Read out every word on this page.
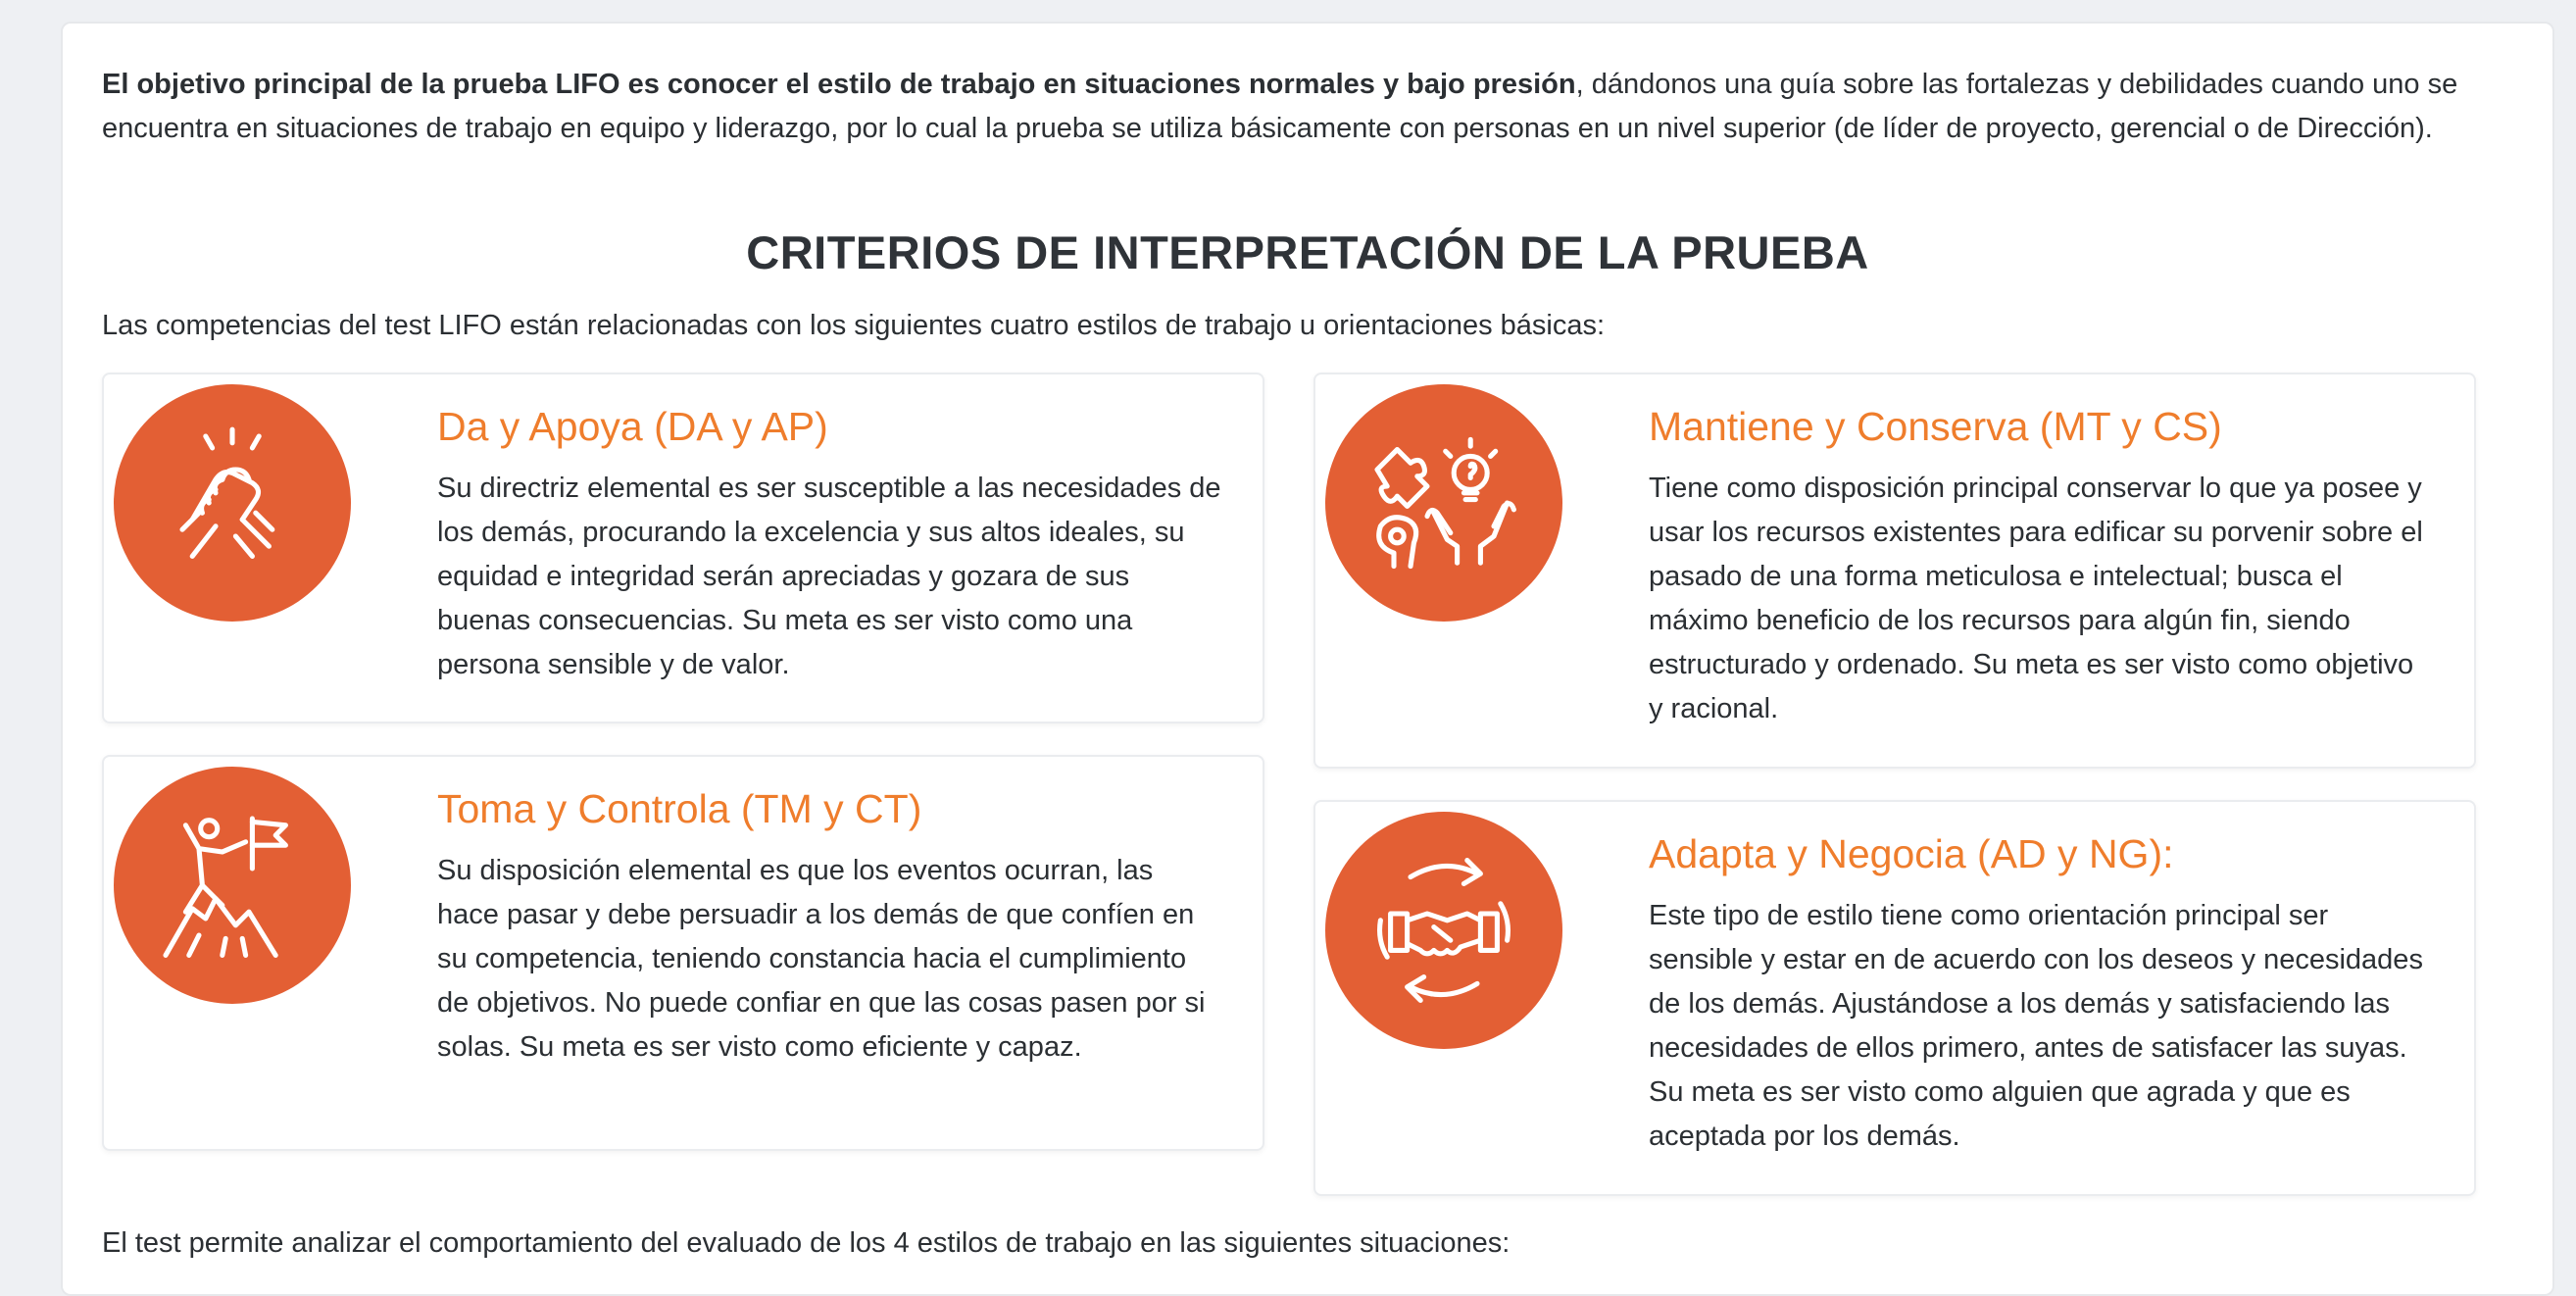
El objetivo principal de la prueba LIFO es conocer el estilo de trabajo en situaciones normales y bajo presión, dándonos una guía sobre las fortalezas y debilidades cuando uno se encuentra en situaciones de trabajo en equipo y liderazgo, por lo cual la prueba se utiliza básicamente con personas en un nivel superior (de líder de proyecto, gerencial o de Dirección).

CRITERIOS DE INTERPRETACIÓN DE LA PRUEBA

Las competencias del test LIFO están relacionadas con los siguientes cuatro estilos de trabajo u orientaciones básicas:

Da y Apoya (DA y AP)

Su directriz elemental es ser susceptible a las necesidades de los demás, procurando la excelencia y sus altos ideales, su equidad e integridad serán apreciadas y gozara de sus buenas consecuencias. Su meta es ser visto como una persona sensible y de valor.

Mantiene y Conserva (MT y CS)

Tiene como disposición principal conservar lo que ya posee y usar los recursos existentes para edificar su porvenir sobre el pasado de una forma meticulosa e intelectual; busca el máximo beneficio de los recursos para algún fin, siendo estructurado y ordenado. Su meta es ser visto como objetivo y racional.

Toma y Controla (TM y CT)

Su disposición elemental es que los eventos ocurran, las hace pasar y debe persuadir a los demás de que confíen en su competencia, teniendo constancia hacia el cumplimiento de objetivos. No puede confiar en que las cosas pasen por si solas. Su meta es ser visto como eficiente y capaz.

Adapta y Negocia (AD y NG):

Este tipo de estilo tiene como orientación principal ser sensible y estar en de acuerdo con los deseos y necesidades de los demás. Ajustándose a los demás y satisfaciendo las necesidades de ellos primero, antes de satisfacer las suyas. Su meta es ser visto como alguien que agrada y que es aceptada por los demás.

El test permite analizar el comportamiento del evaluado de los 4 estilos de trabajo en las siguientes situaciones:
